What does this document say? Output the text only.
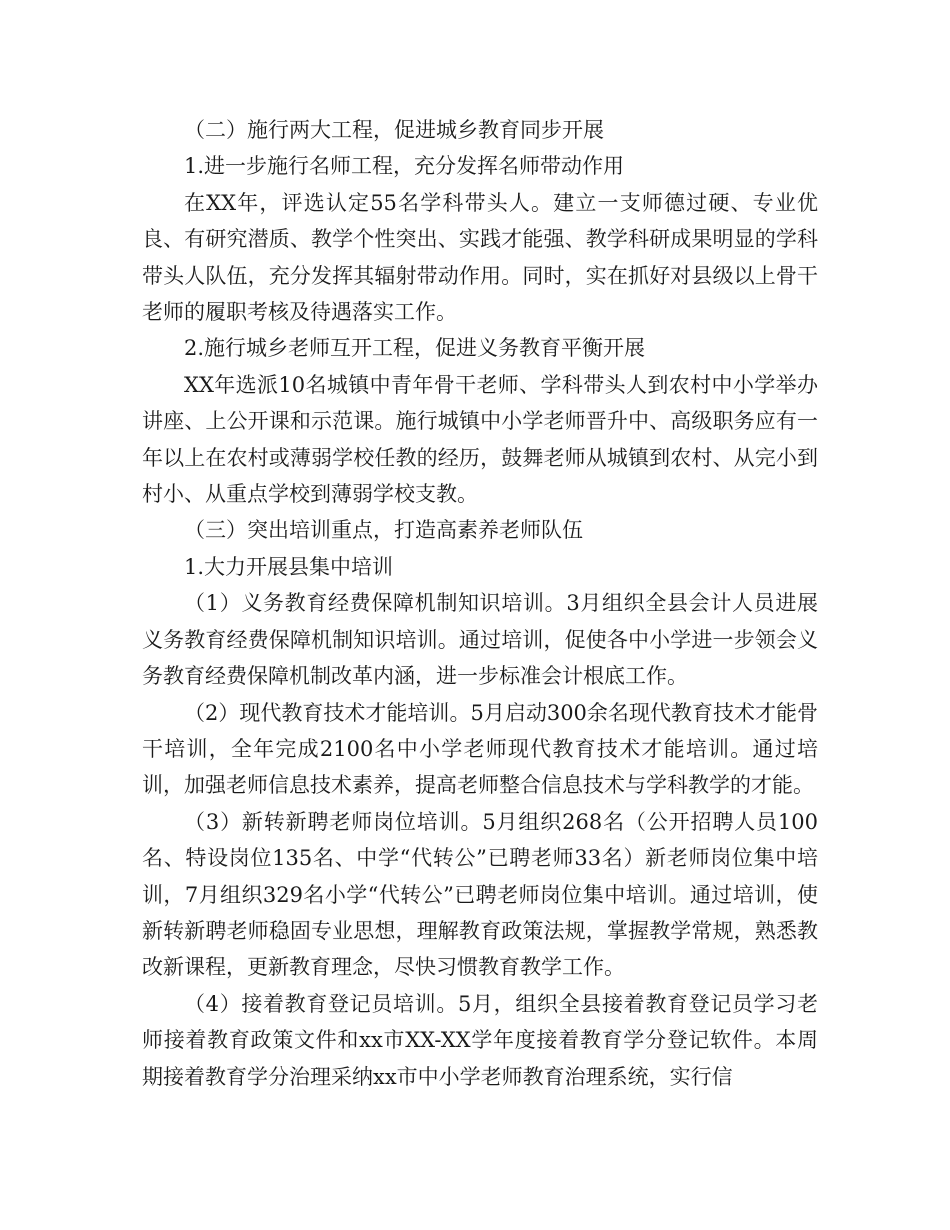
（二）施行两大工程，促进城乡教育同步开展

1.进一步施行名师工程，充分发挥名师带动作用

在XX年，评选认定55名学科带头人。建立一支师德过硬、专业优良、有研究潜质、教学个性突出、实践才能强、教学科研成果明显的学科带头人队伍，充分发挥其辐射带动作用。同时，实在抓好对县级以上骨干老师的履职考核及待遇落实工作。

2.施行城乡老师互开工程，促进义务教育平衡开展

XX年选派10名城镇中青年骨干老师、学科带头人到农村中小学举办讲座、上公开课和示范课。施行城镇中小学老师晋升中、高级职务应有一年以上在农村或薄弱学校任教的经历，鼓舞老师从城镇到农村、从完小到村小、从重点学校到薄弱学校支教。

（三）突出培训重点，打造高素养老师队伍

1.大力开展县集中培训

（1）义务教育经费保障机制知识培训。3月组织全县会计人员进展义务教育经费保障机制知识培训。通过培训，促使各中小学进一步领会义务教育经费保障机制改革内涵，进一步标准会计根底工作。

（2）现代教育技术才能培训。5月启动300余名现代教育技术才能骨干培训，全年完成2100名中小学老师现代教育技术才能培训。通过培训，加强老师信息技术素养，提高老师整合信息技术与学科教学的才能。

（3）新转新聘老师岗位培训。5月组织268名（公开招聘人员100名、特设岗位135名、中学“代转公”已聘老师33名）新老师岗位集中培训，7月组织329名小学“代转公”已聘老师岗位集中培训。通过培训，使新转新聘老师稳固专业思想，理解教育政策法规，掌握教学常规，熟悉教改新课程，更新教育理念，尽快习惯教育教学工作。

（4）接着教育登记员培训。5月，组织全县接着教育登记员学习老师接着教育政策文件和xx市XX-XX学年度接着教育学分登记软件。本周期接着教育学分治理采纳xx市中小学老师教育治理系统，实行信
